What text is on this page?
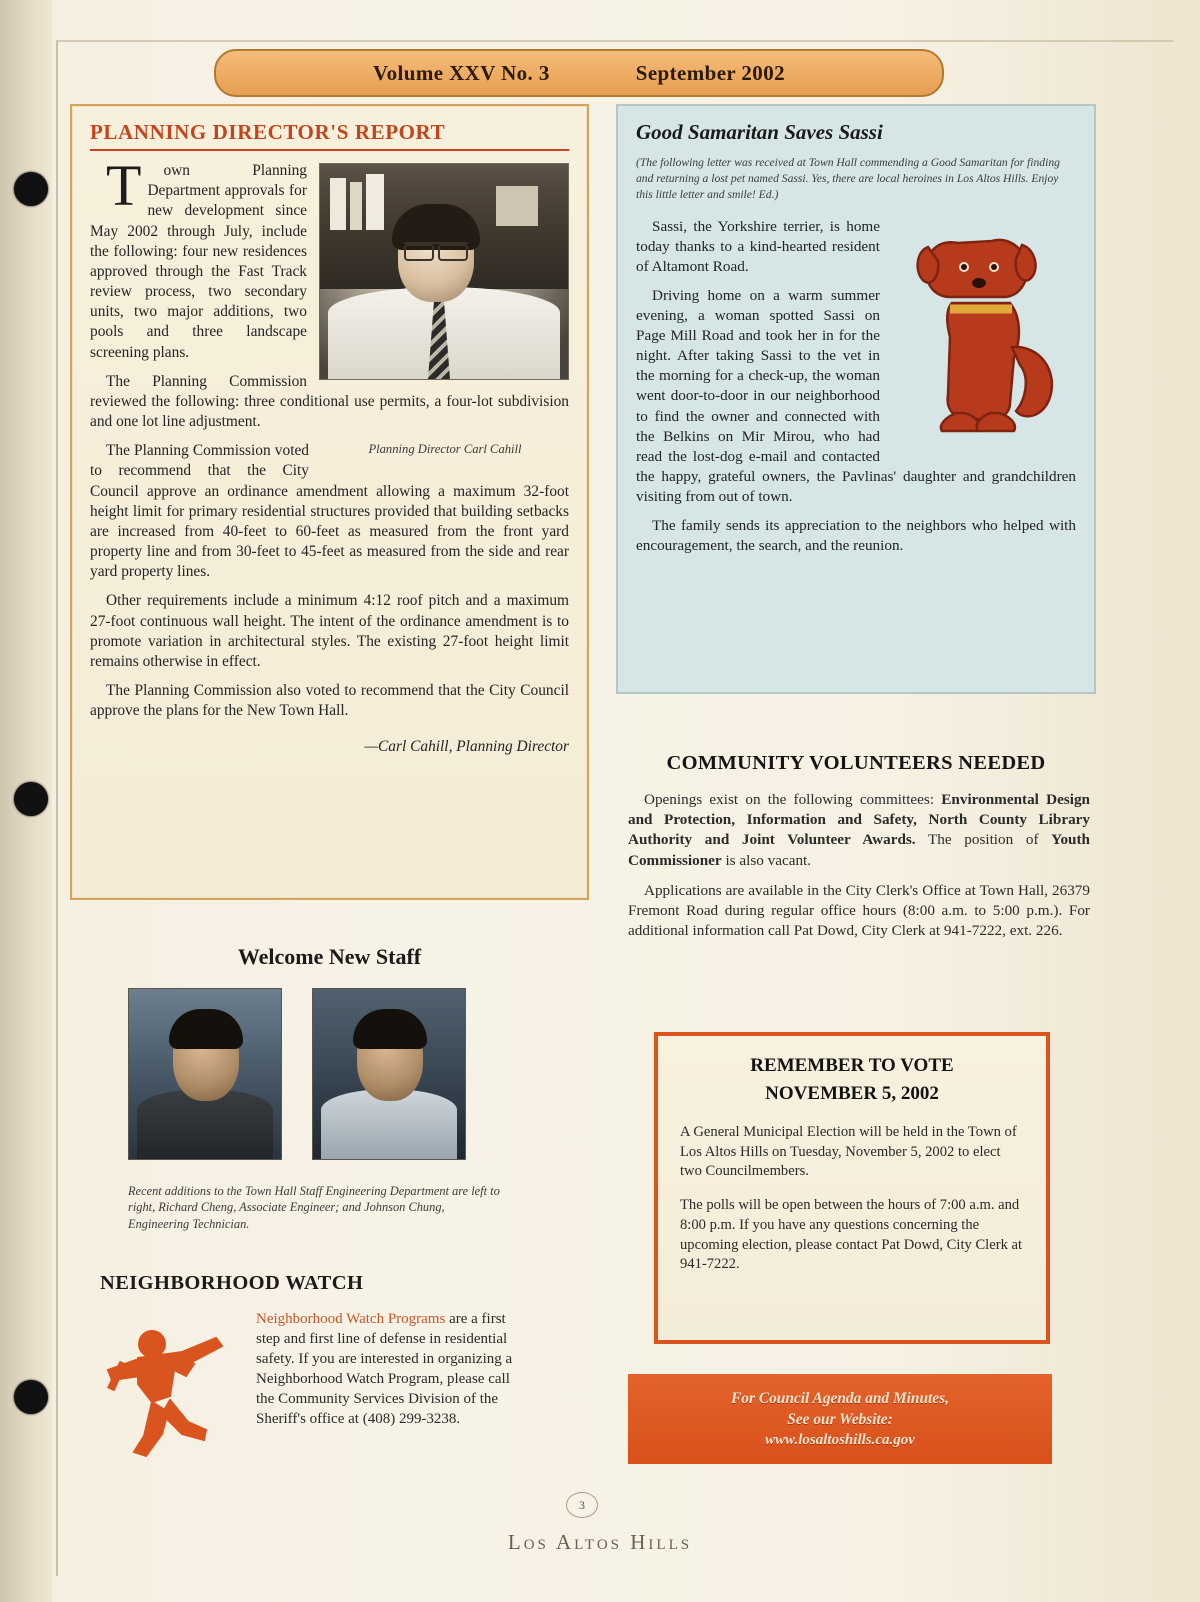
Volume XXV No. 3	September 2002
PLANNING DIRECTOR'S REPORT

T	own Planning Department approvals for new development since May 2002 through July, include the following: four new residences approved through the Fast Track review process, two secondary units, two major additions, two pools and three landscape screening plans.

The Planning Commission reviewed the following: three conditional use permits, a four-lot subdivision and one lot line adjustment.

Planning Director Carl Cahill

The Planning Commission voted to recommend that the City Council approve an ordinance amendment allowing a maximum 32-foot height limit for primary residential structures provided that building setbacks are increased from 40-feet to 60-feet as measured from the front yard property line and from 30-feet to 45-feet as measured from the side and rear yard property lines.

Other requirements include a minimum 4:12 roof pitch and a maximum 27-foot continuous wall height. The intent of the ordinance amendment is to promote variation in architectural styles. The existing 27-foot height limit remains otherwise in effect.

The Planning Commission also voted to recommend that the City Council approve the plans for the New Town Hall.

—Carl Cahill, Planning Director
Welcome New Staff
Recent additions to the Town Hall Staff Engineering Department are left to right, Richard Cheng, Associate Engineer; and Johnson Chung, Engineering Technician.
NEIGHBORHOOD WATCH
Neighborhood Watch Programs are a first step and first line of defense in residential safety. If you are interested in organizing a Neighborhood Watch Program, please call the Community Services Division of the Sheriff's office at (408) 299-3238.
Good Samaritan Saves Sassi
(The following letter was received at Town Hall commending a Good Samaritan for finding and returning a lost pet named Sassi. Yes, there are local heroines in Los Altos Hills. Enjoy this little letter and smile! Ed.)

Sassi, the Yorkshire terrier, is home today thanks to a kind-hearted resident of Altamont Road.

Driving home on a warm summer evening, a woman spotted Sassi on Page Mill Road and took her in for the night. After taking Sassi to the vet in the morning for a check-up, the woman went door-to-door in our neighborhood to find the owner and connected with the Belkins on Mir Mirou, who had read the lost-dog e-mail and contacted the happy, grateful owners, the Pavlinas' daughter and grandchildren visiting from out of town.

The family sends its appreciation to the neighbors who helped with encouragement, the search, and the reunion.

COMMUNITY VOLUNTEERS NEEDED

Openings exist on the following committees: Environmental Design and Protection, Information and Safety, North County Library Authority and Joint Volunteer Awards. The position of Youth Commissioner is also vacant.

Applications are available in the City Clerk's Office at Town Hall, 26379 Fremont Road during regular office hours (8:00 a.m. to 5:00 p.m.). For additional information call Pat Dowd, City Clerk at 941-7222, ext. 226.

REMEMBER TO VOTE
NOVEMBER 5, 2002

A General Municipal Election will be held in the Town of Los Altos Hills on Tuesday, November 5, 2002 to elect two Councilmembers.

The polls will be open between the hours of 7:00 a.m. and 8:00 p.m. If you have any questions concerning the upcoming election, please contact Pat Dowd, City Clerk at 941-7222.

For Council Agenda and Minutes,
See our Website:
www.losaltoshills.ca.gov
3
Los Altos Hills
